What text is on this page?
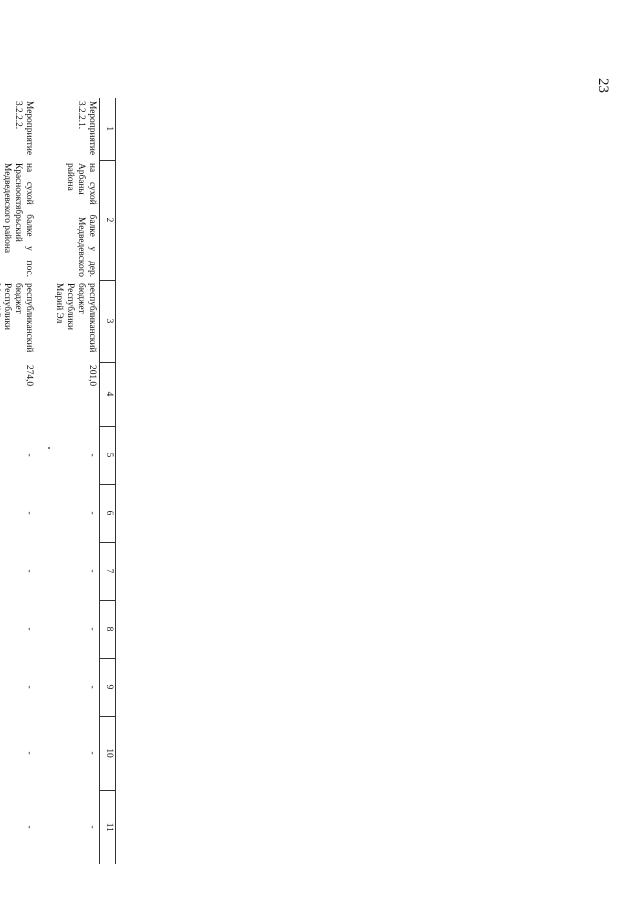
23
1	2	3	4	5	6	7	8	9	10	11
Мероприятие 3.2.2.1.	на сухой балке у дер. Арбаны Медведевского района	республиканский бюджет Республики Марий Эл	201,0	-	-	-	-	-	-	-
Мероприятие 3.2.2.2.	на сухой балке у пос. Краснооктябрьский Медведевского района	республиканский бюджет Республики	274,0	-	-	-	-	-	-	-
